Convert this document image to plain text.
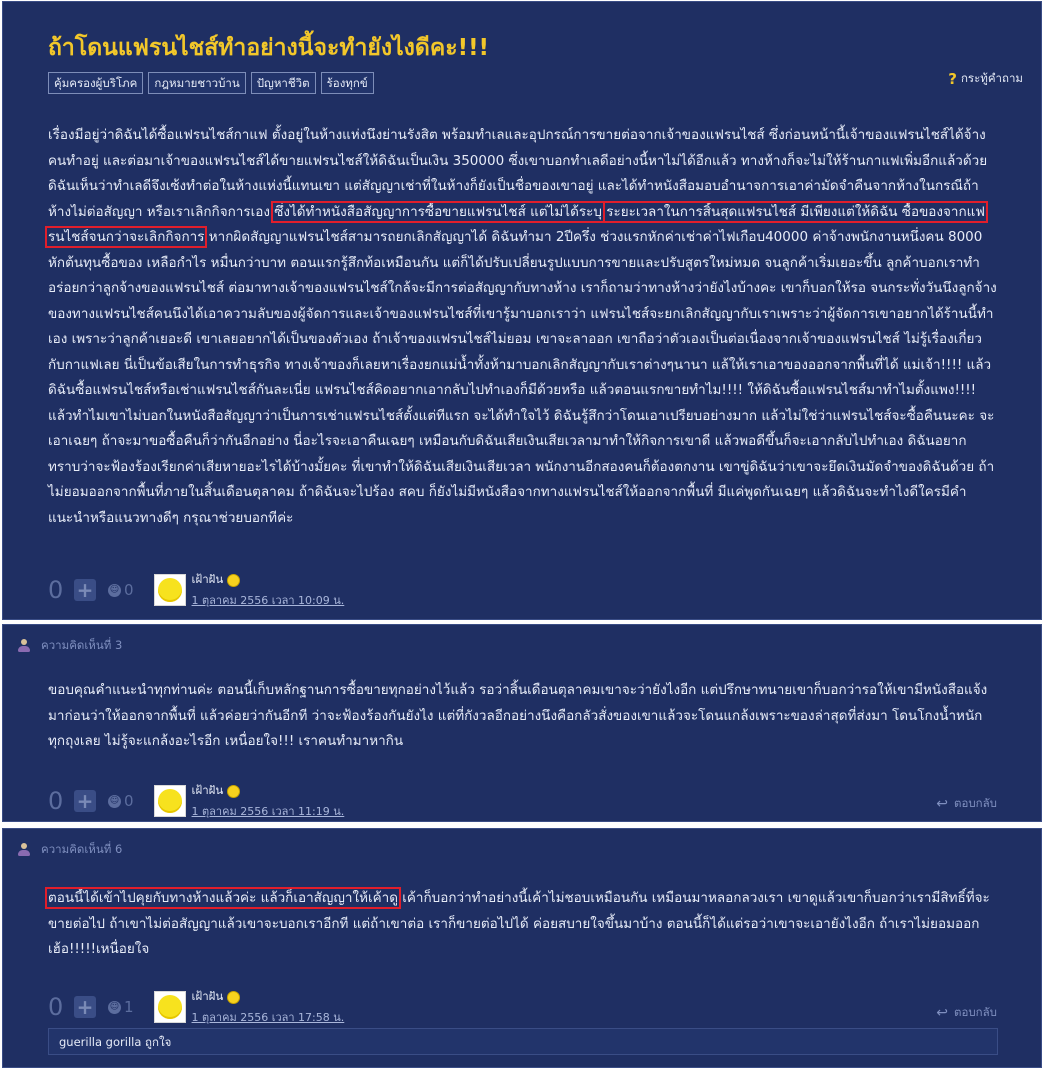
ถ้าโดนแฟรนไชส์ทำอย่างนี้จะทำยังไงดีคะ!!!
คุ้มครองผู้บริโภค	กฎหมายชาวบ้าน	ปัญหาชีวิต	ร้องทุกข์	? กระทู้คำถาม

เรื่องมีอยู่ว่าดิฉันได้ซื้อแฟรนไชส์กาแฟ ตั้งอยู่ในห้างแห่งนึงย่านรังสิต พร้อมทำเลและอุปกรณ์การขายต่อจากเจ้าของแฟรนไชส์ ซึ่งก่อนหน้านี้เจ้าของแฟรนไชส์ได้จ้างคนทำอยู่ และต่อมาเจ้าของแฟรนไชส์ได้ขายแฟรนไชส์ให้ดิฉันเป็นเงิน 350000 ซึ่งเขาบอกทำเลดีอย่างนี้หาไม่ได้อีกแล้ว ทางห้างก็จะไม่ให้ร้านกาแฟเพิ่มอีกแล้วด้วย ดิฉันเห็นว่าทำเลดีจึงเซ้งทำต่อในห้างแห่งนี้แทนเขา แต่สัญญาเช่าที่ในห้างก็ยังเป็นชื่อของเขาอยู่ และได้ทำหนังสือมอบอำนาจการเอาค่ามัดจำคืนจากห้างในกรณีถ้าห้างไม่ต่อสัญญา หรือเราเลิกกิจการเอง ซึ่งได้ทำหนังสือสัญญาการซื้อขายแฟรนไชส์ แต่ไม่ได้ระบุ ระยะเวลาในการสิ้นสุดแฟรนไชส์ มีเพียงแต่ให้ดิฉัน ซื้อของจากแฟรนไชส์จนกว่าจะเลิกกิจการ หากผิดสัญญาแฟรนไชส์สามารถยกเลิกสัญญาได้ ดิฉันทำมา 2ปีครึ่ง ช่วงแรกหักค่าเช่าค่าไฟเกือบ40000 ค่าจ้างพนักงานหนึ่งคน 8000 หักต้นทุนซื้อของ เหลือกำไร หมื่นกว่าบาท ตอนแรกรู้สึกท้อเหมือนกัน แต่ก็ได้ปรับเปลี่ยนรูปแบบการขายและปรับสูตรใหม่หมด จนลูกค้าเริ่มเยอะขึ้น ลูกค้าบอกเราทำอร่อยกว่าลูกจ้างของแฟรนไชส์ ต่อมาทางเจ้าของแฟรนไชส์ใกล้จะมีการต่อสัญญากับทางห้าง เราก็ถามว่าทางห้างว่ายังไงบ้างคะ เขาก็บอกให้รอ จนกระทั่งวันนึงลูกจ้างของทางแฟรนไชส์คนนึงได้เอาความลับของผู้จัดการและเจ้าของแฟรนไชส์ที่เขารู้มาบอกเราว่า แฟรนไชส์จะยกเลิกสัญญากับเราเพราะว่าผู้จัดการเขาอยากได้ร้านนี้ทำเอง เพราะว่าลูกค้าเยอะดี เขาเลยอยากได้เป็นของตัวเอง ถ้าเจ้าของแฟรนไชส์ไม่ยอม เขาจะลาออก เขาถือว่าตัวเองเป็นต่อเนื่องจากเจ้าของแฟรนไชส์ ไม่รู้เรื่องเกี่ยวกับกาแฟเลย นี่เป็นข้อเสียในการทำธุรกิจ ทางเจ้าของก็เลยหาเรื่องยกแม่น้ำทั้งห้ามาบอกเลิกสัญญากับเราต่างๆนานา แล้ให้เราเอาของออกจากพื้นที่ได้ แม่เจ้า!!!! แล้วดิฉันซื้อแฟรนไชส์หรือเช่าแฟรนไชส์กันละเนี่ย แฟรนไชส์คิดอยากเอากลับไปทำเองก็มีด้วยหรือ แล้วตอนแรกขายทำไม!!!! ให้ดิฉันซื้อแฟรนไชส์มาทำไมตั้งแพง!!!! แล้วทำไมเขาไม่บอกในหนังสือสัญญาว่าเป็นการเช่าแฟรนไชส์ตั้งแต่ทีแรก จะได้ทำใจไว้ ดิฉันรู้สึกว่าโดนเอาเปรียบอย่างมาก แล้วไม่ใช่ว่าแฟรนไชส์จะซื้อคืนนะคะ จะเอาเฉยๆ ถ้าจะมาขอซื้อคืนก็ว่ากันอีกอย่าง นี่อะไรจะเอาคืนเฉยๆ เหมือนกับดิฉันเสียเงินเสียเวลามาทำให้กิจการเขาดี แล้วพอดีขึ้นก็จะเอากลับไปทำเอง ดิฉันอยากทราบว่าจะฟ้องร้องเรียกค่าเสียหายอะไรได้บ้างมั้ยคะ ที่เขาทำให้ดิฉันเสียเงินเสียเวลา พนักงานอีกสองคนก็ต้องตกงาน เขาขู่ดิฉันว่าเขาจะยึดเงินมัดจำของดิฉันด้วย ถ้าไม่ยอมออกจากพื้นที่ภายในสิ้นเดือนตุลาคม ถ้าดิฉันจะไปร้อง สคบ ก็ยังไม่มีหนังสือจากทางแฟรนไชส์ให้ออกจากพื้นที่ มีแค่พูดกันเฉยๆ แล้วดิฉันจะทำไงดีใครมีคำแนะนำหรือแนวทางดีๆ กรุณาช่วยบอกทีค่ะ

0 + ☺ 0
เฝ้าฝัน
1 ตุลาคม 2556 เวลา 10:09 น.
ความคิดเห็นที่ 3

ขอบคุณคำแนะนำทุกท่านค่ะ ตอนนี้เก็บหลักฐานการซื้อขายทุกอย่างไว้แล้ว รอว่าสิ้นเดือนตุลาคมเขาจะว่ายังไงอีก แต่ปรึกษาทนายเขาก็บอกว่ารอให้เขามีหนังสือแจ้งมาก่อนว่าให้ออกจากพื้นที่ แล้วค่อยว่ากันอีกที ว่าจะฟ้องร้องกันยังไง แต่ที่กังวลอีกอย่างนึงคือกลัวสั่งของเขาแล้วจะโดนแกล้งเพราะของล่าสุดที่ส่งมา โดนโกงน้ำหนักทุกถุงเลย ไม่รู้จะแกล้งอะไรอีก เหนื่อยใจ!!! เราคนทำมาหากิน

0 + ☺ 0
เฝ้าฝัน
1 ตุลาคม 2556 เวลา 11:19 น.	↩ ตอบกลับ
ความคิดเห็นที่ 6

ตอนนี้ได้เข้าไปคุยกับทางห้างแล้วค่ะ แล้วก็เอาสัญญาให้เค้าดู เค้าก็บอกว่าทำอย่างนี้เค้าไม่ชอบเหมือนกัน เหมือนมาหลอกลวงเรา เขาดูแล้วเขาก็บอกว่าเรามีสิทธิ์ที่จะขายต่อไป ถ้าเขาไม่ต่อสัญญาแล้วเขาจะบอกเราอีกที แต่ถ้าเขาต่อ เราก็ขายต่อไปได้ ค่อยสบายใจขึ้นมาบ้าง ตอนนี้ก็ได้แต่รอว่าเขาจะเอายังไงอีก ถ้าเราไม่ยอมออก เฮ้อ!!!!!เหนื่อยใจ

0 + ☺ 1
เฝ้าฝัน
1 ตุลาคม 2556 เวลา 17:58 น.	↩ ตอบกลับ
guerilla gorilla ถูกใจ
